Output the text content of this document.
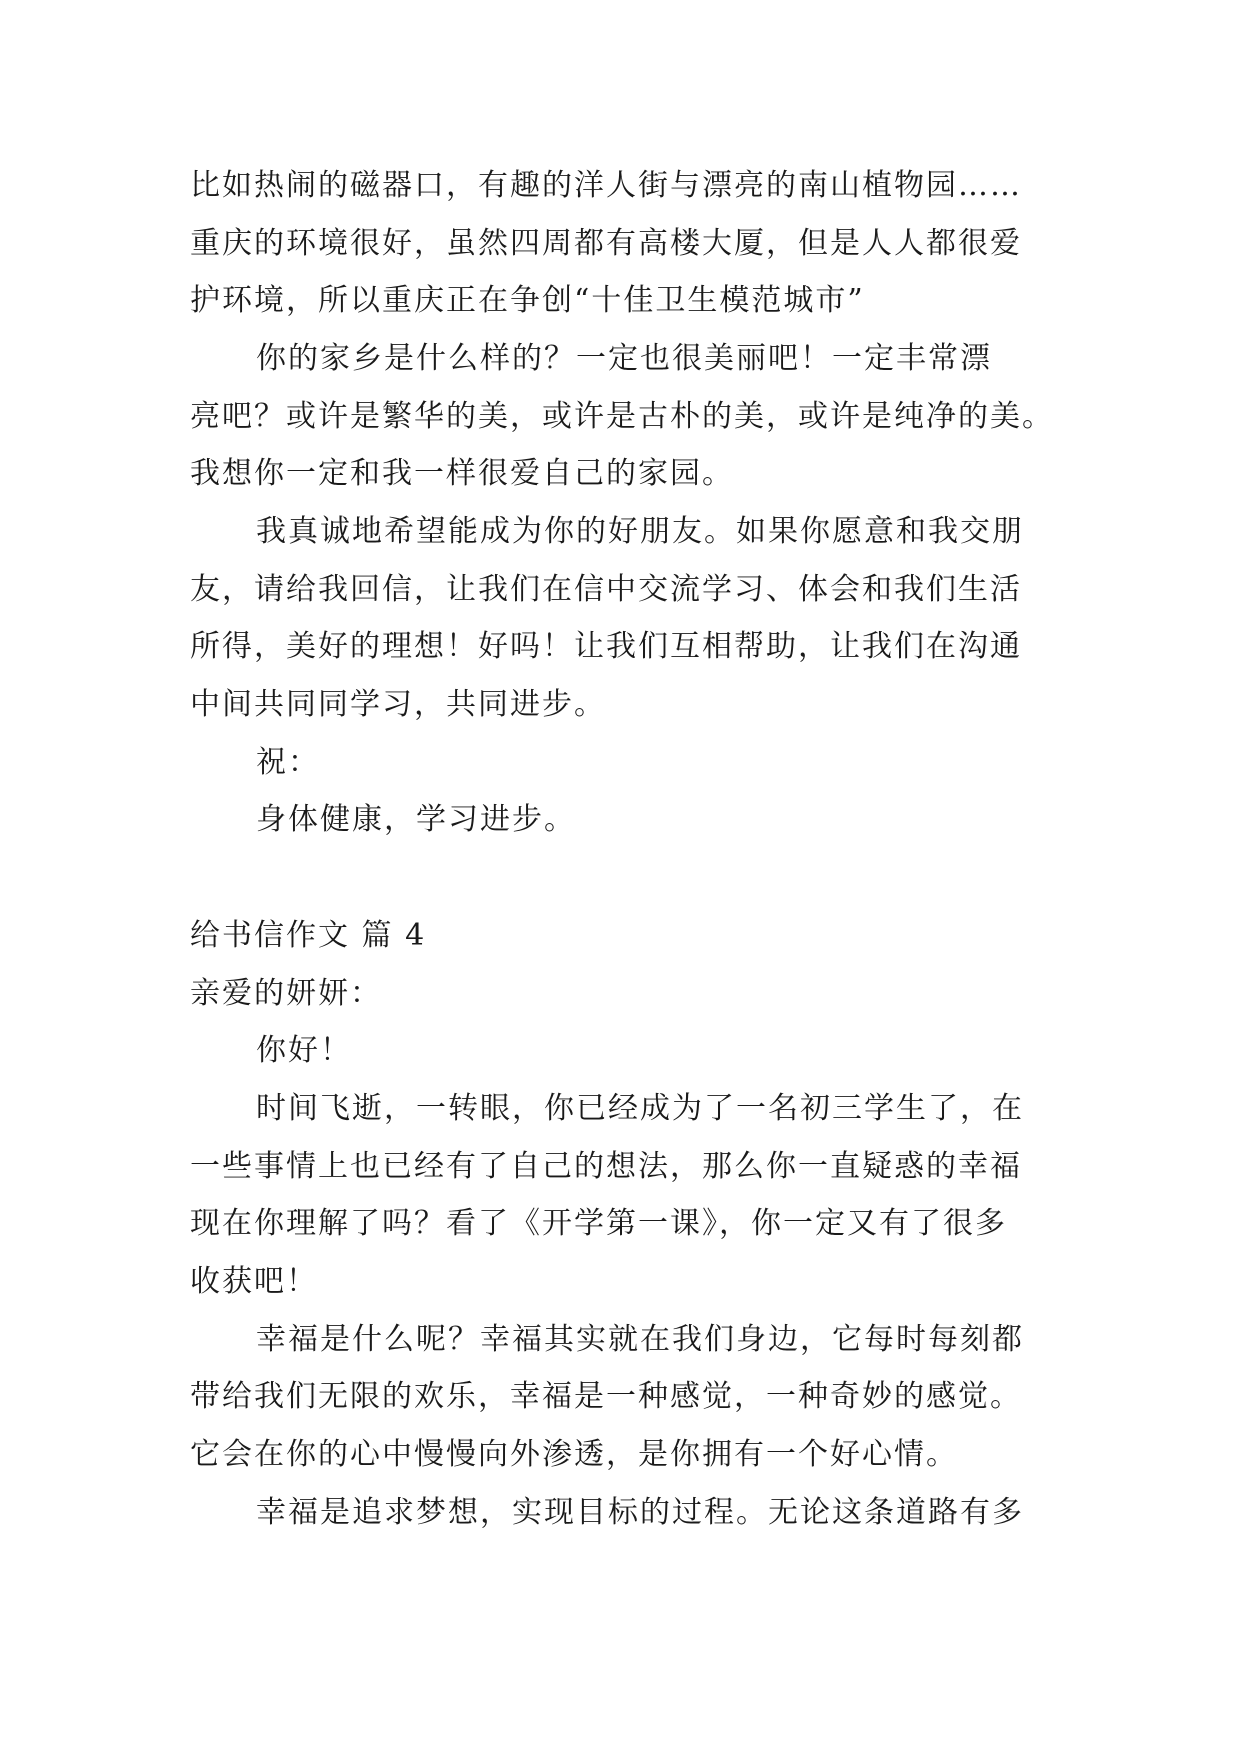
比如热闹的磁器口，有趣的洋人街与漂亮的南山植物园……
重庆的环境很好，虽然四周都有高楼大厦，但是人人都很爱
护环境，所以重庆正在争创“十佳卫生模范城市”
你的家乡是什么样的？一定也很美丽吧！一定丰常漂
亮吧？或许是繁华的美，或许是古朴的美，或许是纯净的美。
我想你一定和我一样很爱自己的家园。
我真诚地希望能成为你的好朋友。如果你愿意和我交朋
友，请给我回信，让我们在信中交流学习、体会和我们生活
所得，美好的理想！好吗！让我们互相帮助，让我们在沟通
中间共同同学习，共同进步。
祝：
身体健康，学习进步。
给书信作文 篇 4
亲爱的妍妍：
你好！
时间飞逝，一转眼，你已经成为了一名初三学生了，在
一些事情上也已经有了自己的想法，那么你一直疑惑的幸福
现在你理解了吗？看了《开学第一课》，你一定又有了很多
收获吧！
幸福是什么呢？幸福其实就在我们身边，它每时每刻都
带给我们无限的欢乐，幸福是一种感觉，一种奇妙的感觉。
它会在你的心中慢慢向外渗透，是你拥有一个好心情。
幸福是追求梦想，实现目标的过程。无论这条道路有多
